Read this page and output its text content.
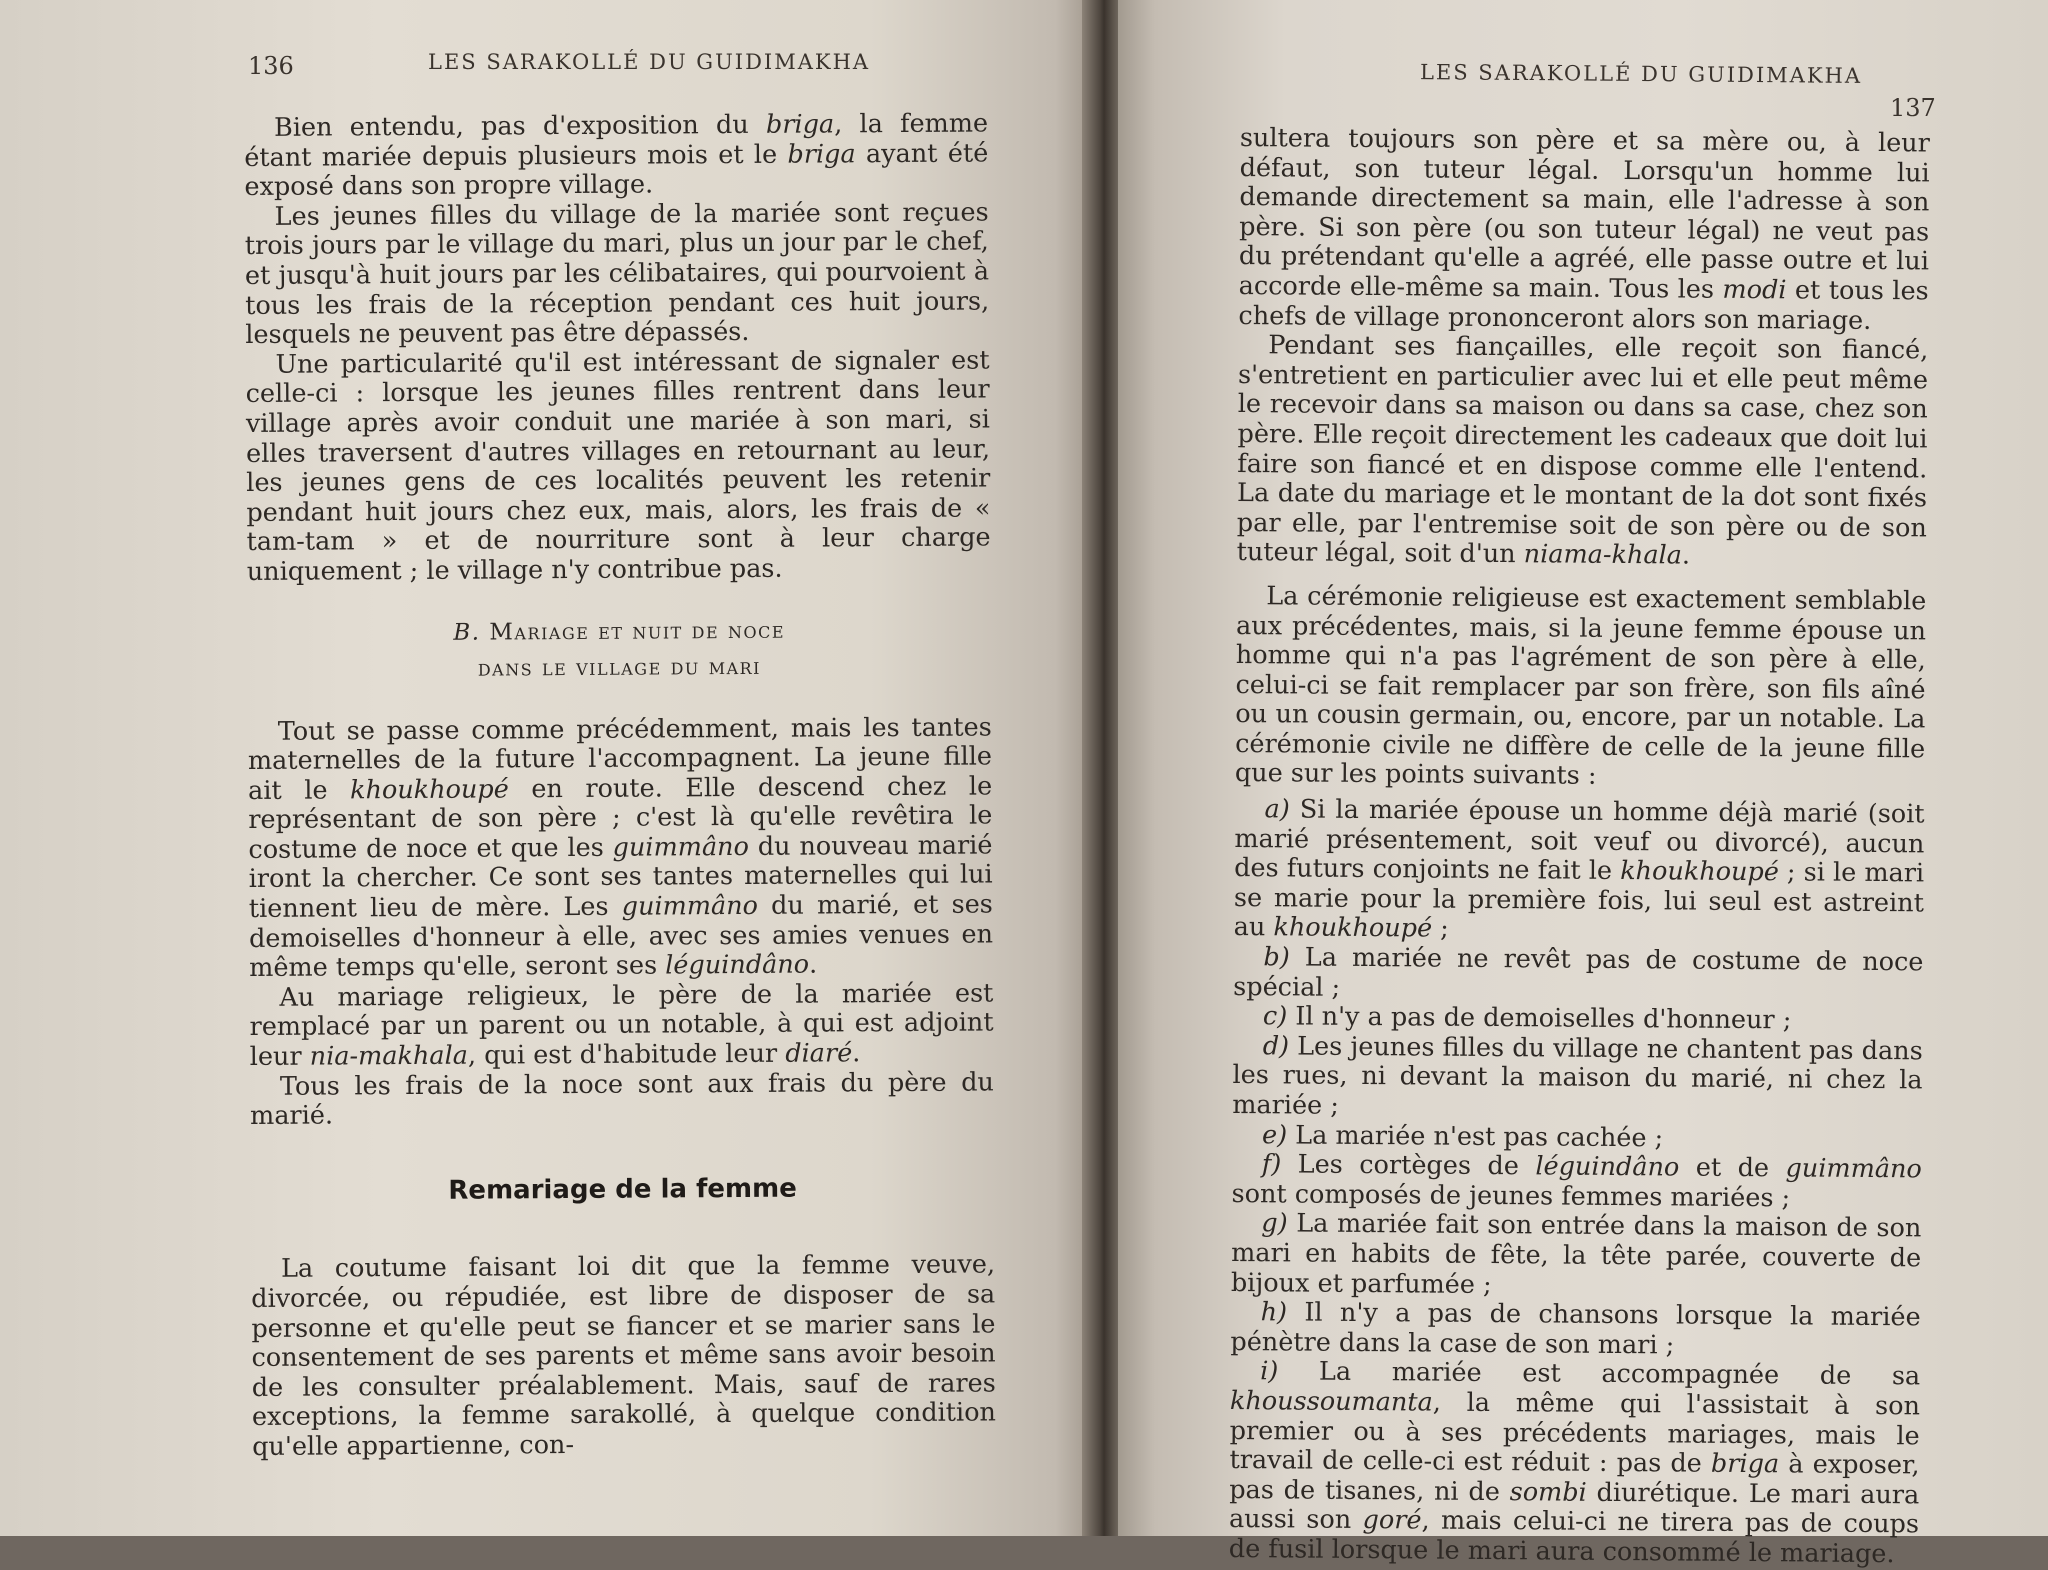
136	LES SARAKOLLÉ DU GUIDIMAKHA

Bien entendu, pas d'exposition du briga, la femme étant mariée depuis plusieurs mois et le briga ayant été exposé dans son propre village.

Les jeunes filles du village de la mariée sont reçues trois jours par le village du mari, plus un jour par le chef, et jusqu'à huit jours par les célibataires, qui pourvoient à tous les frais de la réception pendant ces huit jours, lesquels ne peuvent pas être dépassés.

Une particularité qu'il est intéressant de signaler est celle-ci : lorsque les jeunes filles rentrent dans leur village après avoir conduit une mariée à son mari, si elles traversent d'autres villages en retournant au leur, les jeunes gens de ces localités peuvent les retenir pendant huit jours chez eux, mais, alors, les frais de « tam-tam » et de nourriture sont à leur charge uniquement ; le village n'y contribue pas.

B. Mariage et nuit de noce
dans le village du mari

Tout se passe comme précédemment, mais les tantes maternelles de la future l'accompagnent. La jeune fille ait le khoukhoupé en route. Elle descend chez le représentant de son père ; c'est là qu'elle revêtira le costume de noce et que les guimmâno du nouveau marié iront la chercher. Ce sont ses tantes maternelles qui lui tiennent lieu de mère. Les guimmâno du marié, et ses demoiselles d'honneur à elle, avec ses amies venues en même temps qu'elle, seront ses léguindâno.

Au mariage religieux, le père de la mariée est remplacé par un parent ou un notable, à qui est adjoint leur nia-makhala, qui est d'habitude leur diaré.

Tous les frais de la noce sont aux frais du père du marié.

Remariage de la femme

La coutume faisant loi dit que la femme veuve, divorcée, ou répudiée, est libre de disposer de sa personne et qu'elle peut se fiancer et se marier sans le consentement de ses parents et même sans avoir besoin de les consulter préalablement. Mais, sauf de rares exceptions, la femme sarakollé, à quelque condition qu'elle appartienne, con-

LES SARAKOLLÉ DU GUIDIMAKHA
137

sultera toujours son père et sa mère ou, à leur défaut, son tuteur légal. Lorsqu'un homme lui demande directement sa main, elle l'adresse à son père. Si son père (ou son tuteur légal) ne veut pas du prétendant qu'elle a agréé, elle passe outre et lui accorde elle-même sa main. Tous les modi et tous les chefs de village prononceront alors son mariage.

Pendant ses fiançailles, elle reçoit son fiancé, s'entretient en particulier avec lui et elle peut même le recevoir dans sa maison ou dans sa case, chez son père. Elle reçoit directement les cadeaux que doit lui faire son fiancé et en dispose comme elle l'entend. La date du mariage et le montant de la dot sont fixés par elle, par l'entremise soit de son père ou de son tuteur légal, soit d'un niama-khala.

La cérémonie religieuse est exactement semblable aux précédentes, mais, si la jeune femme épouse un homme qui n'a pas l'agrément de son père à elle, celui-ci se fait remplacer par son frère, son fils aîné ou un cousin germain, ou, encore, par un notable. La cérémonie civile ne diffère de celle de la jeune fille que sur les points suivants :

a) Si la mariée épouse un homme déjà marié (soit marié présentement, soit veuf ou divorcé), aucun des futurs conjoints ne fait le khoukhoupé ; si le mari se marie pour la première fois, lui seul est astreint au khoukhoupé ;

b) La mariée ne revêt pas de costume de noce spécial ;

c) Il n'y a pas de demoiselles d'honneur ;

d) Les jeunes filles du village ne chantent pas dans les rues, ni devant la maison du marié, ni chez la mariée ;

e) La mariée n'est pas cachée ;

f) Les cortèges de léguindâno et de guimmâno sont composés de jeunes femmes mariées ;

g) La mariée fait son entrée dans la maison de son mari en habits de fête, la tête parée, couverte de bijoux et parfumée ;

h) Il n'y a pas de chansons lorsque la mariée pénètre dans la case de son mari ;

i) La mariée est accompagnée de sa khoussoumanta, la même qui l'assistait à son premier ou à ses précédents mariages, mais le travail de celle-ci est réduit : pas de briga à exposer, pas de tisanes, ni de sombi diurétique. Le mari aura aussi son goré, mais celui-ci ne tirera pas de coups de fusil lorsque le mari aura consommé le mariage.
